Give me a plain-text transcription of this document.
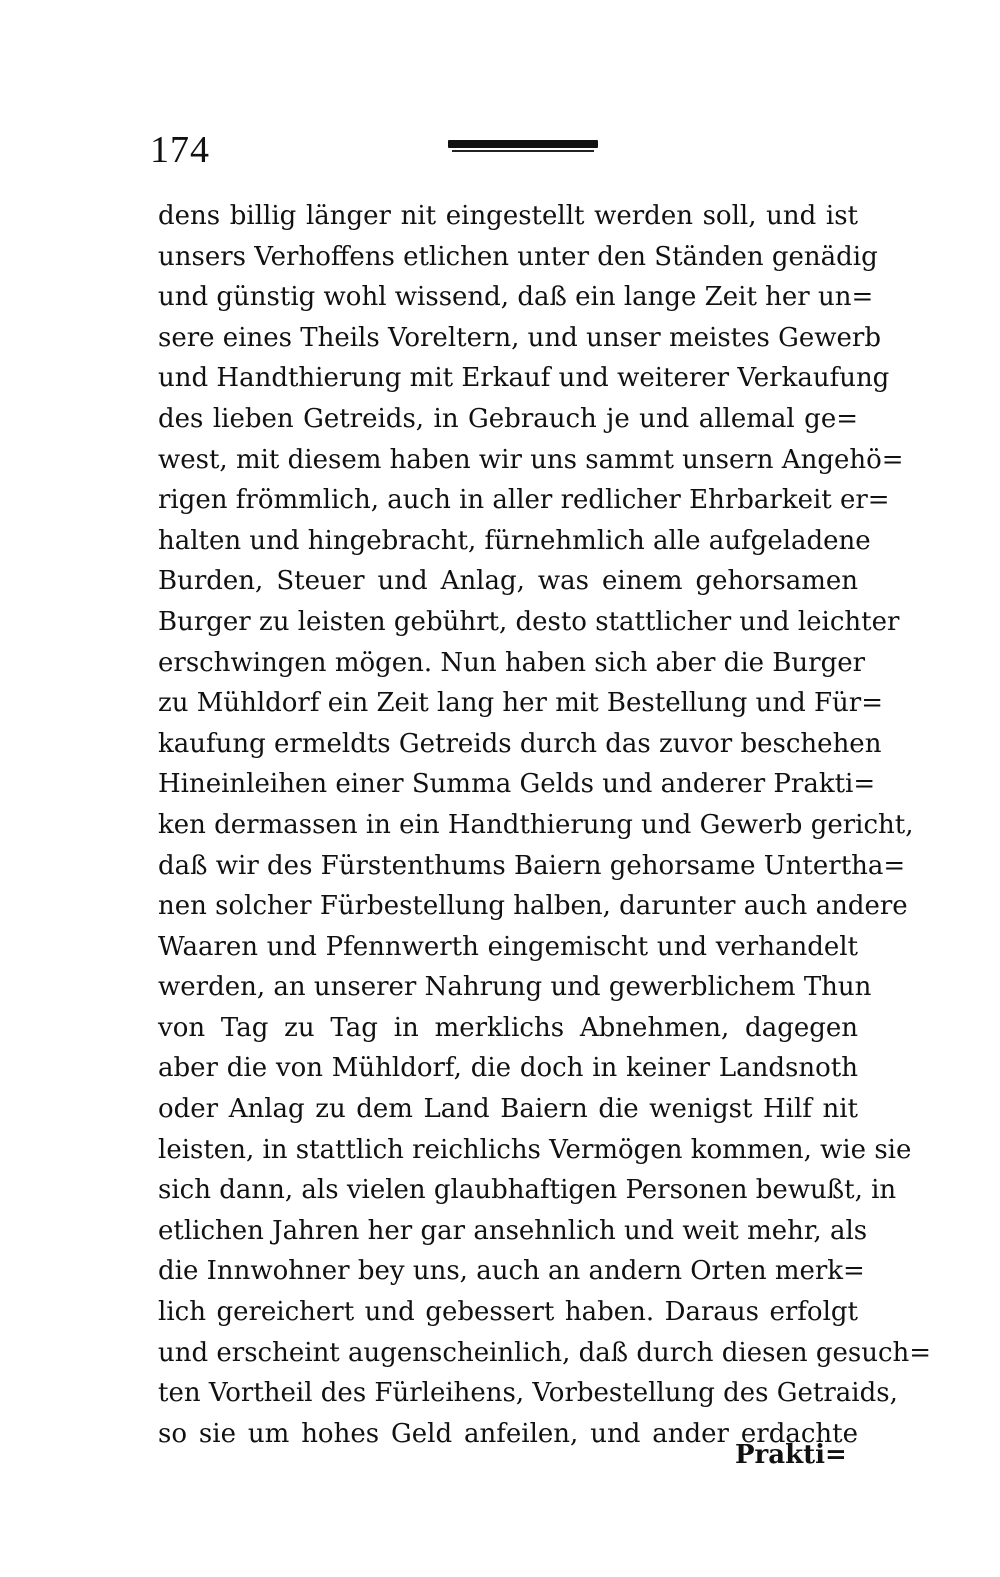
174
dens billig länger nit eingestellt werden soll, und ist
unsers Verhoffens etlichen unter den Ständen genädig
und günstig wohl wissend, daß ein lange Zeit her un=
sere eines Theils Voreltern, und unser meistes Gewerb
und Handthierung mit Erkauf und weiterer Verkaufung
des lieben Getreids, in Gebrauch je und allemal ge=
west, mit diesem haben wir uns sammt unsern Angehö=
rigen frömmlich, auch in aller redlicher Ehrbarkeit er=
halten und hingebracht, fürnehmlich alle aufgeladene
Burden, Steuer und Anlag, was einem gehorsamen
Burger zu leisten gebührt, desto stattlicher und leichter
erschwingen mögen. Nun haben sich aber die Burger
zu Mühldorf ein Zeit lang her mit Bestellung und Für=
kaufung ermeldts Getreids durch das zuvor beschehen
Hineinleihen einer Summa Gelds und anderer Prakti=
ken dermassen in ein Handthierung und Gewerb gericht,
daß wir des Fürstenthums Baiern gehorsame Untertha=
nen solcher Fürbestellung halben, darunter auch andere
Waaren und Pfennwerth eingemischt und verhandelt
werden, an unserer Nahrung und gewerblichem Thun
von Tag zu Tag in merklichs Abnehmen, dagegen
aber die von Mühldorf, die doch in keiner Landsnoth
oder Anlag zu dem Land Baiern die wenigst Hilf nit
leisten, in stattlich reichlichs Vermögen kommen, wie sie
sich dann, als vielen glaubhaftigen Personen bewußt, in
etlichen Jahren her gar ansehnlich und weit mehr, als
die Innwohner bey uns, auch an andern Orten merk=
lich gereichert und gebessert haben. Daraus erfolgt
und erscheint augenscheinlich, daß durch diesen gesuch=
ten Vortheil des Fürleihens, Vorbestellung des Getraids,
so sie um hohes Geld anfeilen, und ander erdachte
Prakti=
